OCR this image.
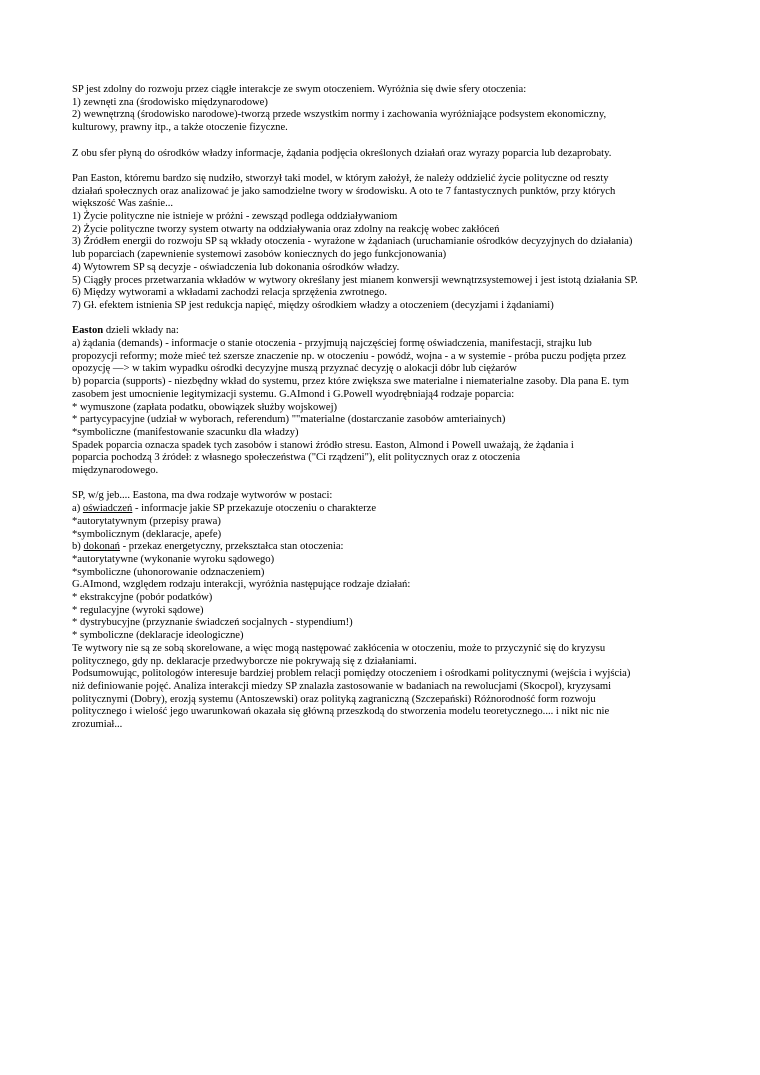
SP jest zdolny do rozwoju przez ciągłe interakcje ze swym otoczeniem. Wyróżnia się dwie sfery otoczenia:
1) zewnęti zna (środowisko międzynarodowe)
2) wewnętrzną (środowisko narodowe)-tworzą przede wszystkim normy i zachowania wyróżniające podsystem ekonomiczny,
kulturowy, prawny itp., a także otoczenie fizyczne.
Z obu sfer płyną do ośrodków władzy informacje, żądania podjęcia określonych działań oraz wyrazy poparcia lub dezaprobaty.
Pan Easton, któremu bardzo się nudziło, stworzył taki model, w którym założył, że należy oddzielić życie polityczne od reszty
działań społecznych oraz analizować je jako samodzielne twory w środowisku. A oto te 7 fantastycznych punktów, przy których
większość Was zaśnie...
1) Życie polityczne nie istnieje w próżni - zewsząd podlega oddziaływaniom
2) Życie polityczne tworzy system otwarty na oddziaływania oraz zdolny na reakcję wobec zakłóceń
3) Źródłem energii do rozwoju SP są wkłady otoczenia - wyrażone w żądaniach (uruchamianie ośrodków decyzyjnych do działania)
lub poparciach (zapewnienie systemowi zasobów koniecznych do jego funkcjonowania)
4) Wytowrem SP są decyzje - oświadczenia lub dokonania ośrodków władzy.
5) Ciągły proces przetwarzania wkładów w wytwory określany jest mianem konwersji wewnątrzsystemowej i jest istotą działania SP.
6) Między wytworami a wkładami zachodzi relacja sprzężenia zwrotnego.
7) Gł. efektem istnienia SP jest redukcja napięć, między ośrodkiem władzy a otoczeniem (decyzjami i żądaniami)
Easton dzieli wkłady na:
a) żądania (demands) - informacje o stanie otoczenia - przyjmują najczęściej formę oświadczenia, manifestacji, strajku lub
propozycji reformy; może mieć też szersze znaczenie np. w otoczeniu - powódź, wojna - a w systemie - próba puczu podjęta przez
opozycję —> w takim wypadku ośrodki decyzyjne muszą przyznać decyzję o alokacji dóbr lub ciężarów
b) poparcia (supports) - niezbędny wkład do systemu, przez które zwiększa swe materialne i niematerialne zasoby. Dla pana E. tym
zasobem jest umocnienie legitymizacji systemu. G.AImond i G.Powell wyodrębniają4 rodzaje poparcia:
* wymuszone (zapłata podatku, obowiązek służby wojskowej)
* partycypacyjne (udział w wyborach, referendum) ""materialne (dostarczanie zasobów amteriainych)
*symboliczne (manifestowanie szacunku dla władzy)
Spadek poparcia oznacza spadek tych zasobów i stanowi źródło stresu. Easton, Almond i Powell uważają, że żądania i
poparcia pochodzą 3 źródeł: z własnego społeczeństwa ("Ci rządzeni"), elit politycznych oraz z otoczenia
międzynarodowego.
SP, w/g jeb.... Eastona, ma dwa rodzaje wytworów w postaci:
a) oświadczeń - informacje jakie SP przekazuje otoczeniu o charakterze
*autorytatywnym (przepisy prawa)
*symbolicznym (deklaracje, apefe)
b) dokonań - przekaz energetyczny, przekształca stan otoczenia:
*autorytatywne (wykonanie wyroku sądowego)
*symboliczne (uhonorowanie odznaczeniem)
G.AImond, względem rodzaju interakcji, wyróżnia następujące rodzaje działań:
* ekstrakcyjne (pobór podatków)
* regulacyjne (wyroki sądowe)
* dystrybucyjne (przyznanie świadczeń socjalnych - stypendium!)
* symboliczne (deklaracje ideologiczne)
Te wytwory nie są ze sobą skorelowane, a więc mogą następować zakłócenia w otoczeniu, może to przyczynić się do kryzysu
politycznego, gdy np. deklaracje przedwyborcze nie pokrywają się z działaniami.
Podsumowując, politologów interesuje bardziej problem relacji pomiędzy otoczeniem i ośrodkami politycznymi (wejścia i wyjścia)
niż definiowanie pojęć. Analiza interakcji miedzy SP znalazła zastosowanie w badaniach na rewolucjami (Skocpol), kryzysami
politycznymi (Dobry), erozją systemu (Antoszewski) oraz polityką zagraniczną (Szczepański) Różnorodność form rozwoju
politycznego i wielość jego uwarunkowań okazała się główną przeszkodą do stworzenia modelu teoretycznego.... i nikt nic nie
zrozumiał...
